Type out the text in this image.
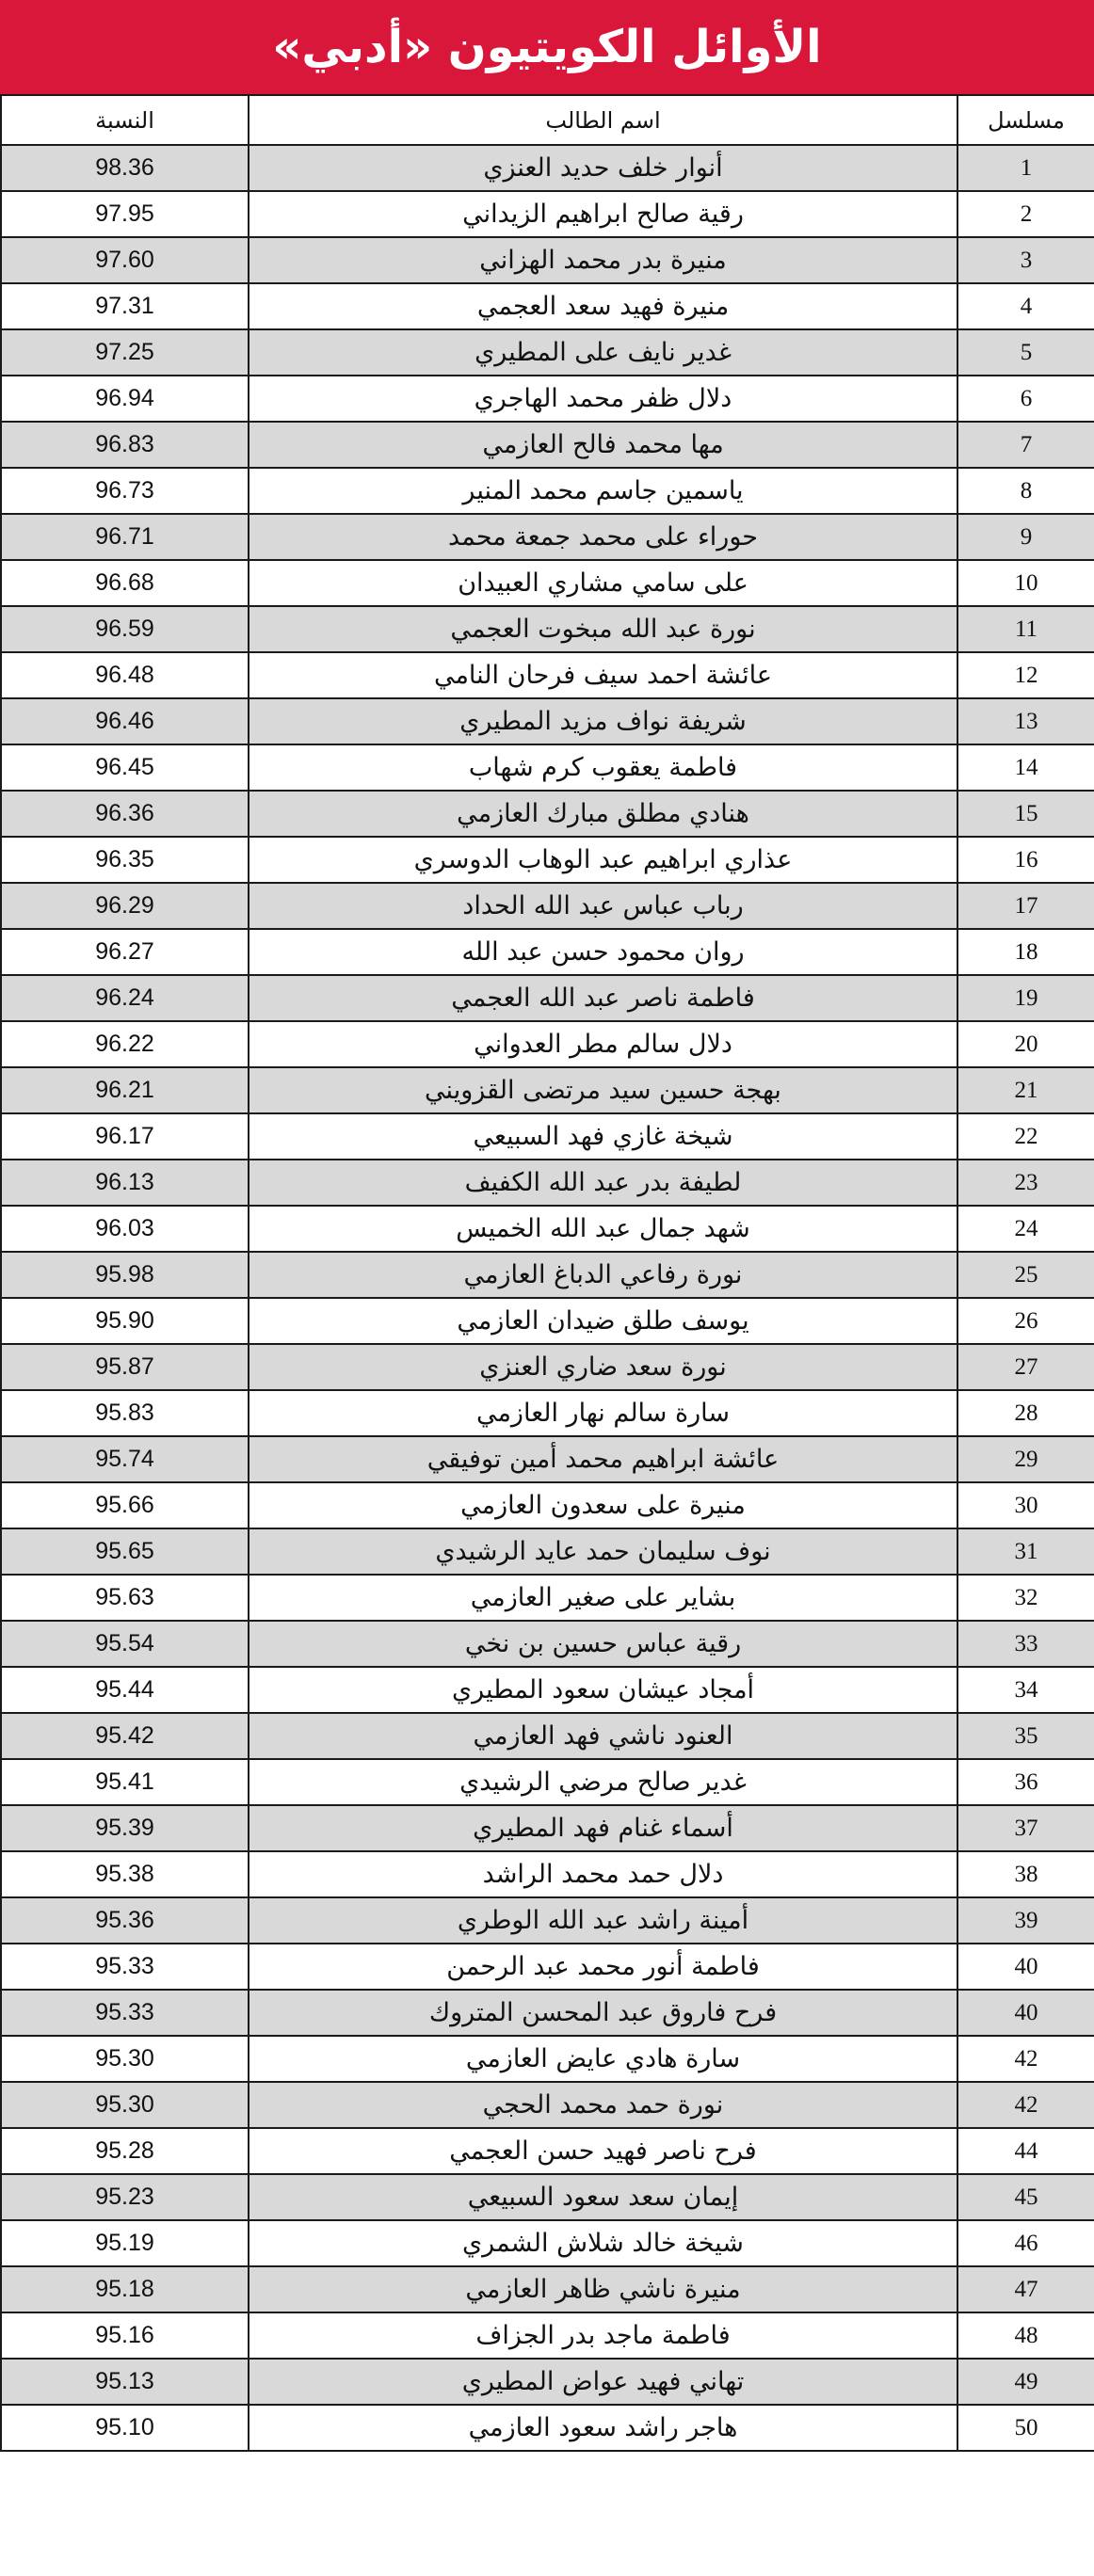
الأوائل الكويتيون «أدبي»
النسبة	اسم الطالب	مسلسل
98.36	أنوار خلف حديد العنزي	1
97.95	رقية صالح ابراهيم الزيداني	2
97.60	منيرة بدر محمد الهزاني	3
97.31	منيرة فهيد سعد العجمي	4
97.25	غدير نايف على المطيري	5
96.94	دلال ظفر محمد الهاجري	6
96.83	مها محمد فالح العازمي	7
96.73	ياسمين جاسم محمد المنير	8
96.71	حوراء على محمد جمعة محمد	9
96.68	على سامي مشاري العبيدان	10
96.59	نورة عبد الله مبخوت العجمي	11
96.48	عائشة احمد سيف فرحان النامي	12
96.46	شريفة نواف مزيد المطيري	13
96.45	فاطمة يعقوب كرم شهاب	14
96.36	هنادي مطلق مبارك العازمي	15
96.35	عذاري ابراهيم عبد الوهاب الدوسري	16
96.29	رباب عباس عبد الله الحداد	17
96.27	روان محمود حسن عبد الله	18
96.24	فاطمة ناصر عبد الله العجمي	19
96.22	دلال سالم مطر العدواني	20
96.21	بهجة حسين سيد مرتضى القزويني	21
96.17	شيخة غازي فهد السبيعي	22
96.13	لطيفة بدر عبد الله الكفيف	23
96.03	شهد جمال عبد الله الخميس	24
95.98	نورة رفاعي الدباغ العازمي	25
95.90	يوسف طلق ضيدان العازمي	26
95.87	نورة سعد ضاري العنزي	27
95.83	سارة سالم نهار العازمي	28
95.74	عائشة ابراهيم محمد أمين توفيقي	29
95.66	منيرة على سعدون العازمي	30
95.65	نوف سليمان حمد عايد الرشيدي	31
95.63	بشاير على صغير العازمي	32
95.54	رقية عباس حسين بن نخي	33
95.44	أمجاد عيشان سعود المطيري	34
95.42	العنود ناشي فهد العازمي	35
95.41	غدير صالح مرضي الرشيدي	36
95.39	أسماء غنام فهد المطيري	37
95.38	دلال حمد محمد الراشد	38
95.36	أمينة راشد عبد الله الوطري	39
95.33	فاطمة أنور محمد عبد الرحمن	40
95.33	فرح فاروق عبد المحسن المتروك	40
95.30	سارة هادي عايض العازمي	42
95.30	نورة حمد محمد الحجي	42
95.28	فرح ناصر فهيد حسن العجمي	44
95.23	إيمان سعد سعود السبيعي	45
95.19	شيخة خالد شلاش الشمري	46
95.18	منيرة ناشي ظاهر العازمي	47
95.16	فاطمة ماجد بدر الجزاف	48
95.13	تهاني فهيد عواض المطيري	49
95.10	هاجر راشد سعود العازمي	50
